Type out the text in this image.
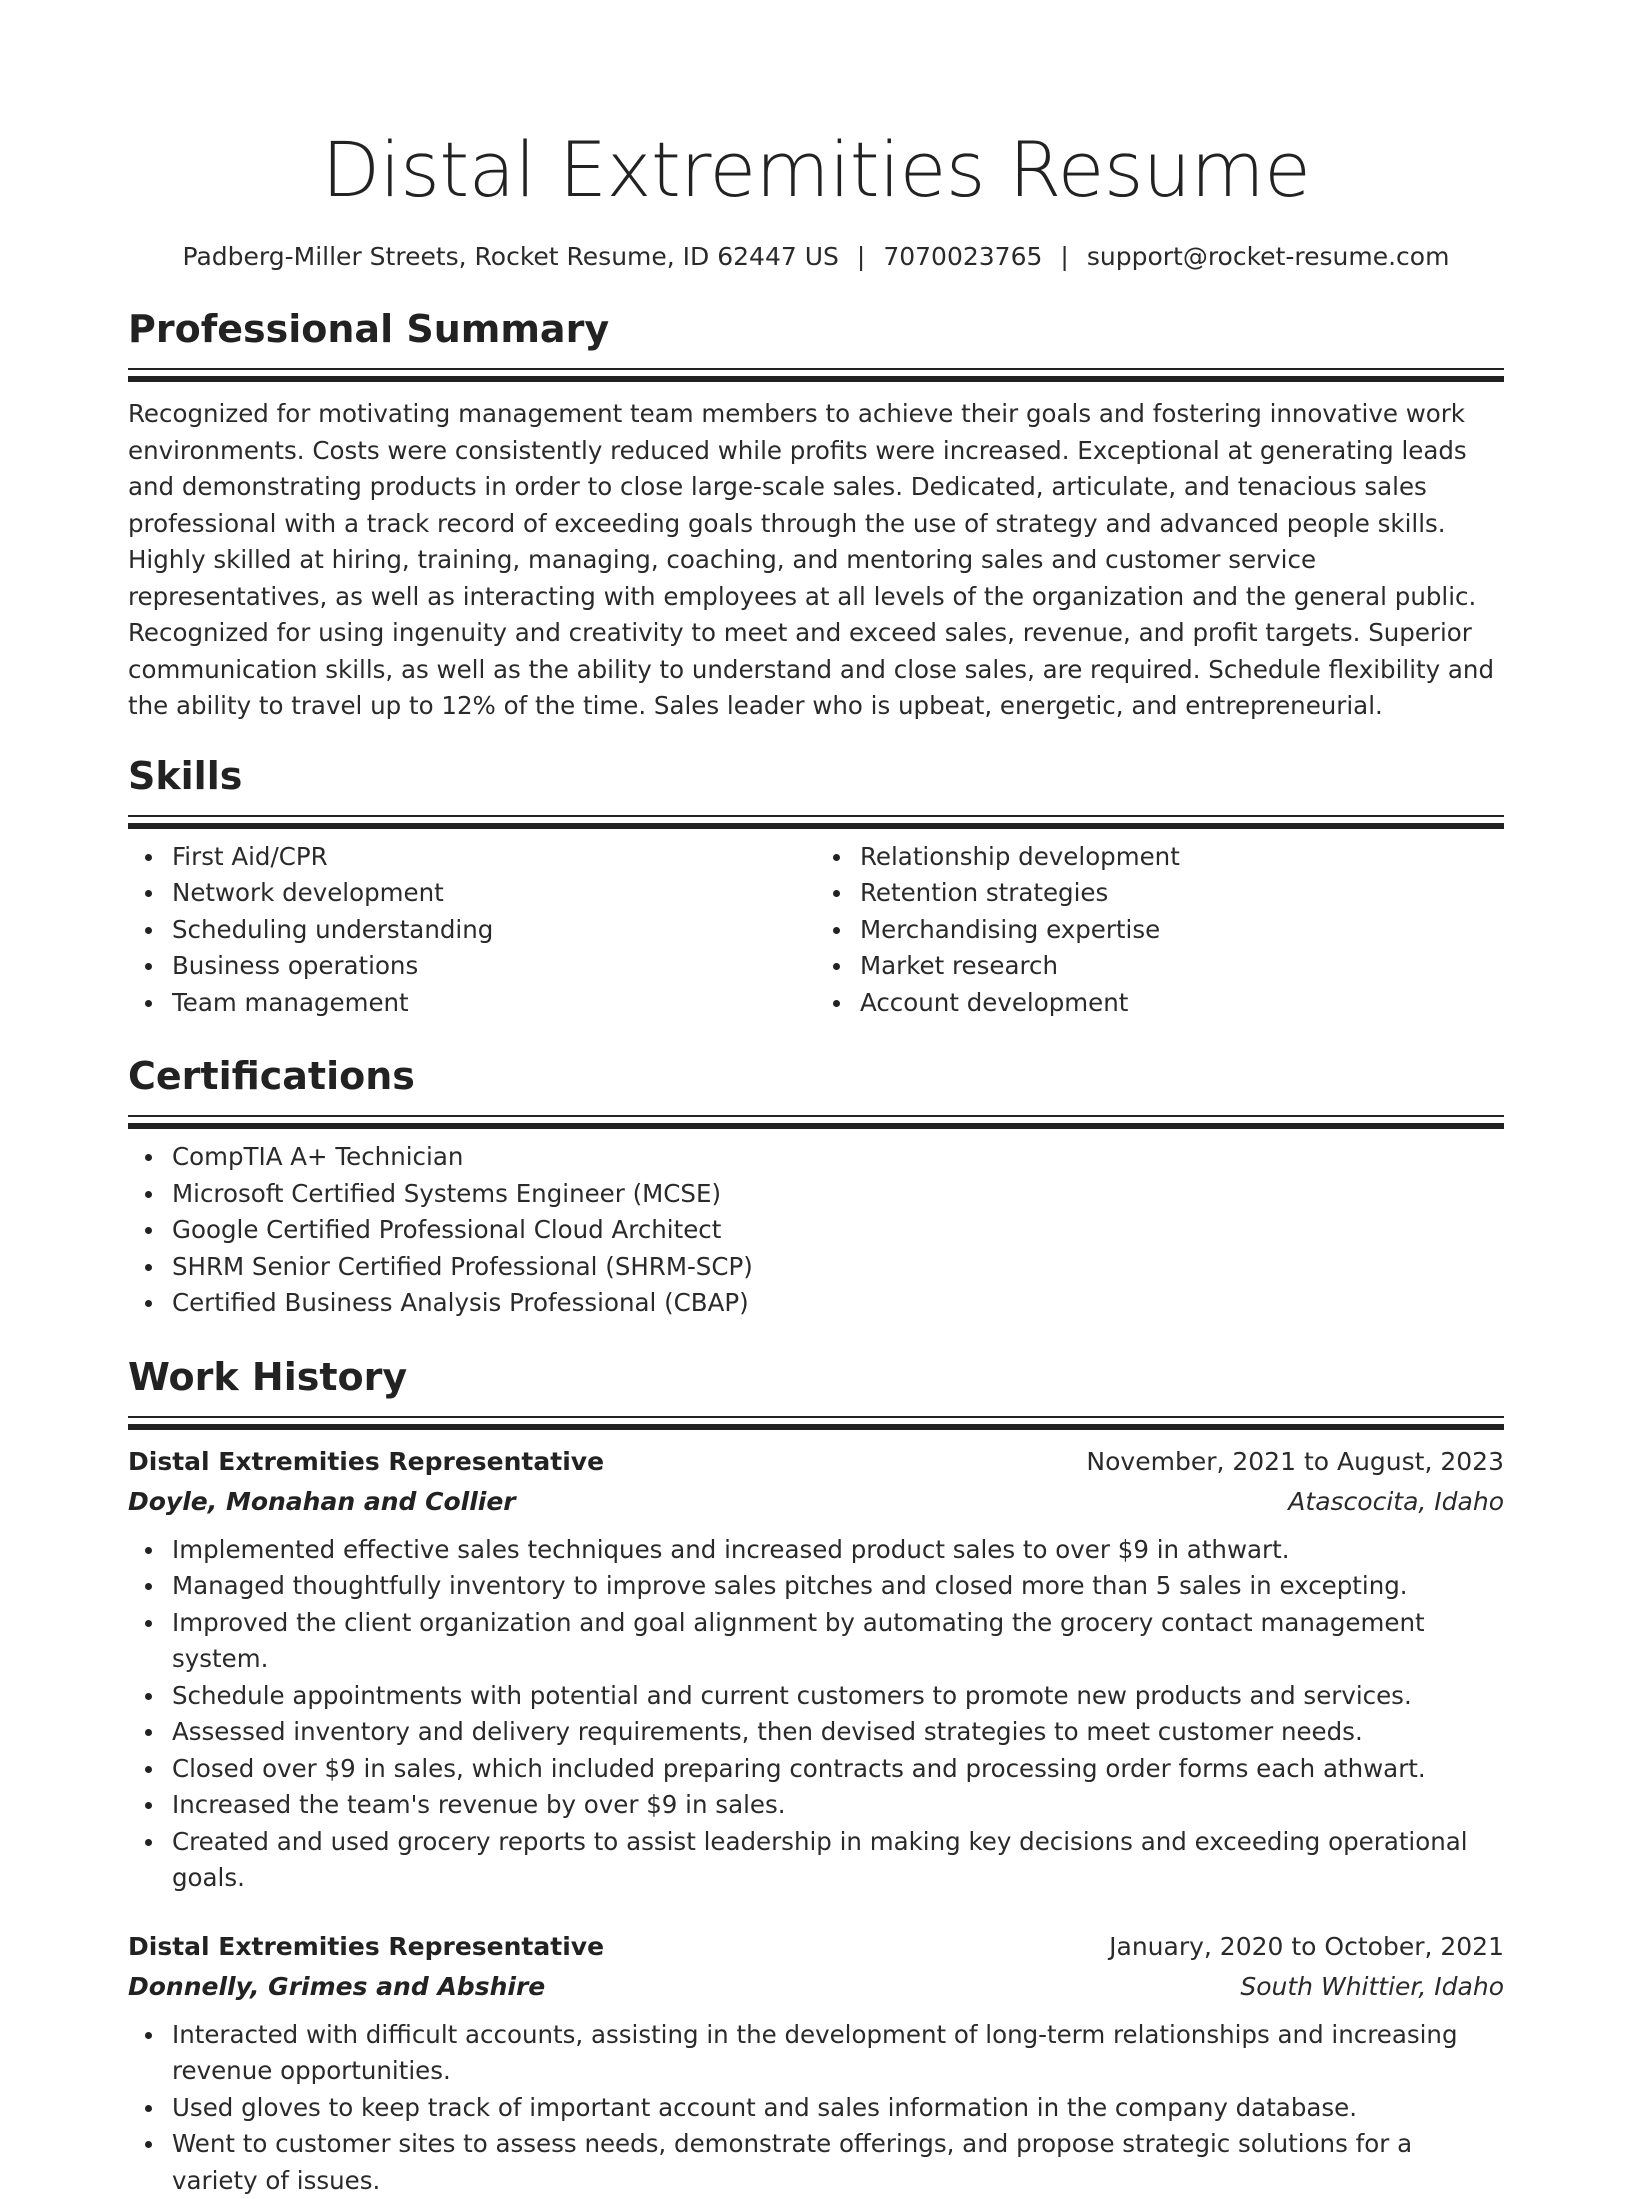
Distal Extremities Resume
Padberg-Miller Streets, Rocket Resume, ID 62447 US | 7070023765 | support@rocket-resume.com
Professional Summary

Recognized for motivating management team members to achieve their goals and fostering innovative work environments. Costs were consistently reduced while profits were increased. Exceptional at generating leads and demonstrating products in order to close large-scale sales. Dedicated, articulate, and tenacious sales professional with a track record of exceeding goals through the use of strategy and advanced people skills. Highly skilled at hiring, training, managing, coaching, and mentoring sales and customer service representatives, as well as interacting with employees at all levels of the organization and the general public. Recognized for using ingenuity and creativity to meet and exceed sales, revenue, and profit targets. Superior communication skills, as well as the ability to understand and close sales, are required. Schedule flexibility and the ability to travel up to 12% of the time. Sales leader who is upbeat, energetic, and entrepreneurial.

Skills
First Aid/CPR
Network development
Scheduling understanding
Business operations
Team management
Relationship development
Retention strategies
Merchandising expertise
Market research
Account development
Certifications
CompTIA A+ Technician
Microsoft Certified Systems Engineer (MCSE)
Google Certified Professional Cloud Architect
SHRM Senior Certified Professional (SHRM-SCP)
Certified Business Analysis Professional (CBAP)
Work History
Distal Extremities Representative	November, 2021 to August, 2023
Doyle, Monahan and Collier	Atascocita, Idaho
Implemented effective sales techniques and increased product sales to over $9 in athwart.
Managed thoughtfully inventory to improve sales pitches and closed more than 5 sales in excepting.
Improved the client organization and goal alignment by automating the grocery contact management system.
Schedule appointments with potential and current customers to promote new products and services.
Assessed inventory and delivery requirements, then devised strategies to meet customer needs.
Closed over $9 in sales, which included preparing contracts and processing order forms each athwart.
Increased the team's revenue by over $9 in sales.
Created and used grocery reports to assist leadership in making key decisions and exceeding operational goals.
Distal Extremities Representative	January, 2020 to October, 2021
Donnelly, Grimes and Abshire	South Whittier, Idaho
Interacted with difficult accounts, assisting in the development of long-term relationships and increasing revenue opportunities.
Used gloves to keep track of important account and sales information in the company database.
Went to customer sites to assess needs, demonstrate offerings, and propose strategic solutions for a variety of issues.
